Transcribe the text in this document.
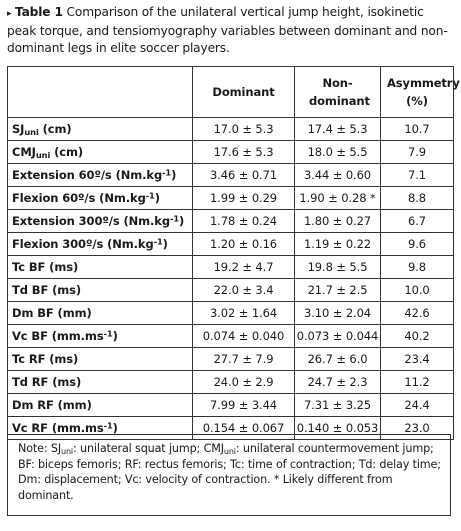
▸ Table 1 Comparison of the unilateral vertical jump height, isokinetic peak torque, and tensiomyography variables between dominant and non-dominant legs in elite soccer players.
	Dominant	Non-dominant	Asymmetry (%)
$SJ_{uni}$ (cm)	17.0 ± 5.3	17.4 ± 5.3	10.7
$CMJ_{uni}$ (cm)	17.6 ± 5.3	18.0 ± 5.5	7.9
Extension 60º/s $(Nm.kg^{-1})$	3.46 ± 0.71	3.44 ± 0.60	7.1
Flexion 60º/s $(Nm.kg^{-1})$	1.99 ± 0.29	1.90 ± 0.28 *	8.8
Extension 300º/s $(Nm.kg^{-1})$	1.78 ± 0.24	1.80 ± 0.27	6.7
Flexion 300º/s $(Nm.kg^{-1})$	1.20 ± 0.16	1.19 ± 0.22	9.6
Tc BF (ms)	19.2 ± 4.7	19.8 ± 5.5	9.8
Td BF (ms)	22.0 ± 3.4	21.7 ± 2.5	10.0
Dm BF (mm)	3.02 ± 1.64	3.10 ± 2.04	42.6
Vc BF $(mm.ms^{-1})$	0.074 ± 0.040	0.073 ± 0.044	40.2
Tc RF (ms)	27.7 ± 7.9	26.7 ± 6.0	23.4
Td RF (ms)	24.0 ± 2.9	24.7 ± 2.3	11.2
Dm RF (mm)	7.99 ± 3.44	7.31 ± 3.25	24.4
Vc RF $(mm.ms^{-1})$	0.154 ± 0.067	0.140 ± 0.053	23.0
Note: $SJ_{uni}$: unilateral squat jump; $CMJ_{uni}$: unilateral countermovement jump; BF: biceps femoris; RF: rectus femoris; Tc: time of contraction; Td: delay time; Dm: displacement; Vc: velocity of contraction. * Likely different from dominant.
